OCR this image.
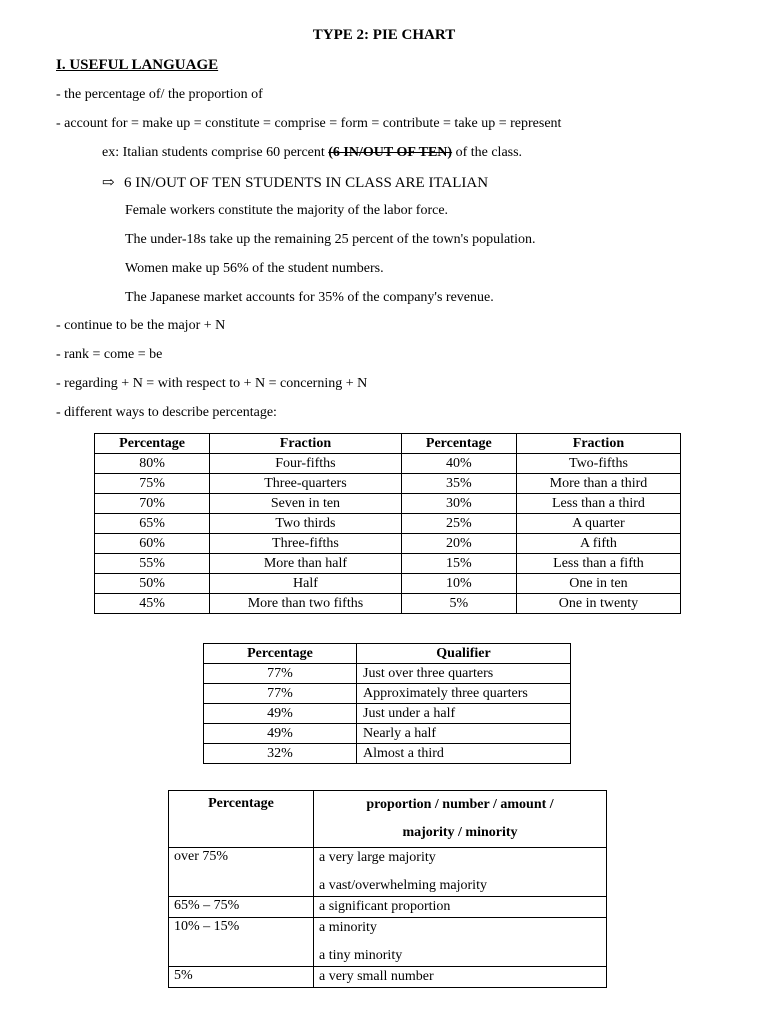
TYPE 2: PIE CHART
I. USEFUL LANGUAGE
- the percentage of/ the proportion of
- account for = make up = constitute = comprise = form = contribute = take up = represent
ex: Italian students comprise 60 percent (6 IN/OUT OF TEN) of the class.
⇨ 6 IN/OUT OF TEN STUDENTS IN CLASS ARE ITALIAN
Female workers constitute the majority of the labor force.
The under-18s take up the remaining 25 percent of the town's population.
Women make up 56% of the student numbers.
The Japanese market accounts for 35% of the company's revenue.
- continue to be the major + N
- rank = come = be
- regarding + N = with respect to + N = concerning + N
- different ways to describe percentage:
Percentage	Fraction	Percentage	Fraction
80%	Four-fifths	40%	Two-fifths
75%	Three-quarters	35%	More than a third
70%	Seven in ten	30%	Less than a third
65%	Two thirds	25%	A quarter
60%	Three-fifths	20%	A fifth
55%	More than half	15%	Less than a fifth
50%	Half	10%	One in ten
45%	More than two fifths	5%	One in twenty
Percentage	Qualifier
77%	Just over three quarters
77%	Approximately three quarters
49%	Just under a half
49%	Nearly a half
32%	Almost a third
Percentage	proportion / number / amount /
majority / minority

over 75%	a very large majority
a vast/overwhelming majority

65% – 75%	a significant proportion

10% – 15%	a minority
a tiny minority

5%	a very small number
